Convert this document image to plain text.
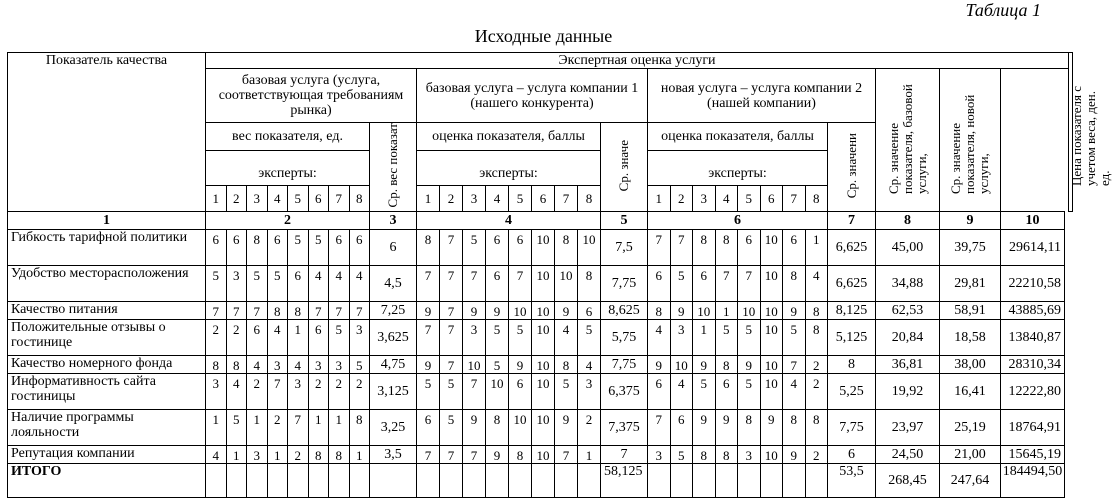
Таблица 1
Исходные данные
Показатель качества	Экспертная оценка услуги																														Цена показателя с учетом веса, ден. ед.
	базовая услуга (услуга, соответствующая требованиям рынка)									базовая услуга – услуга компании 1 (нашего конкурента)									новая услуга – услуга компании 2 (нашей компании)									Ср. значение показателя, базовой услуги,	Ср. значение показателя, новой услуги,		
	вес показателя, ед.								Ср. вес показат	оценка показателя, баллы								Ср. значе	оценка показателя, баллы								Ср. значени				

	эксперты:									эксперты:									эксперты:												
	1	2	3	4	5	6	7	8		1	2	3	4	5	6	7	8		1	2	3	4	5	6	7	8					
1	2								3	4								5	6								7	8	9	10	
Гибкость тарифной политики	6	6	8	6	5	5	6	6	6	8	7	5	6	6	10	8	10	7,5	7	7	8	8	6	10	6	1	6,625	45,00	39,75	29614,11	
Удобство месторасположения	5	3	5	5	6	4	4	4	4,5	7	7	7	6	7	10	10	8	7,75	6	5	6	7	7	10	8	4	6,625	34,88	29,81	22210,58	
Качество питания	7	7	7	8	8	7	7	7	7,25	9	7	9	9	10	10	9	6	8,625	8	9	10	1	10	10	9	8	8,125	62,53	58,91	43885,69	
Положительные отзывы о гостинице	2	2	6	4	1	6	5	3	3,625	7	7	3	5	5	10	4	5	5,75	4	3	1	5	5	10	5	8	5,125	20,84	18,58	13840,87	
Качество номерного фонда	8	8	4	3	4	3	3	5	4,75	9	7	10	5	9	10	8	4	7,75	9	10	9	8	9	10	7	2	8	36,81	38,00	28310,34	
Информативность сайта гостиницы	3	4	2	7	3	2	2	2	3,125	5	5	7	10	6	10	5	3	6,375	6	4	5	6	5	10	4	2	5,25	19,92	16,41	12222,80	
Наличие программы лояльности	1	5	1	2	7	1	1	8	3,25	6	5	9	8	10	10	9	2	7,375	7	6	9	9	8	9	8	8	7,75	23,97	25,19	18764,91	
Репутация компании	4	1	3	1	2	8	8	1	3,5	7	7	7	9	8	10	7	1	7	3	5	8	8	3	10	9	2	6	24,50	21,00	15645,19	
ИТОГО																		58,125									53,5	268,45	247,64	184494,50	
